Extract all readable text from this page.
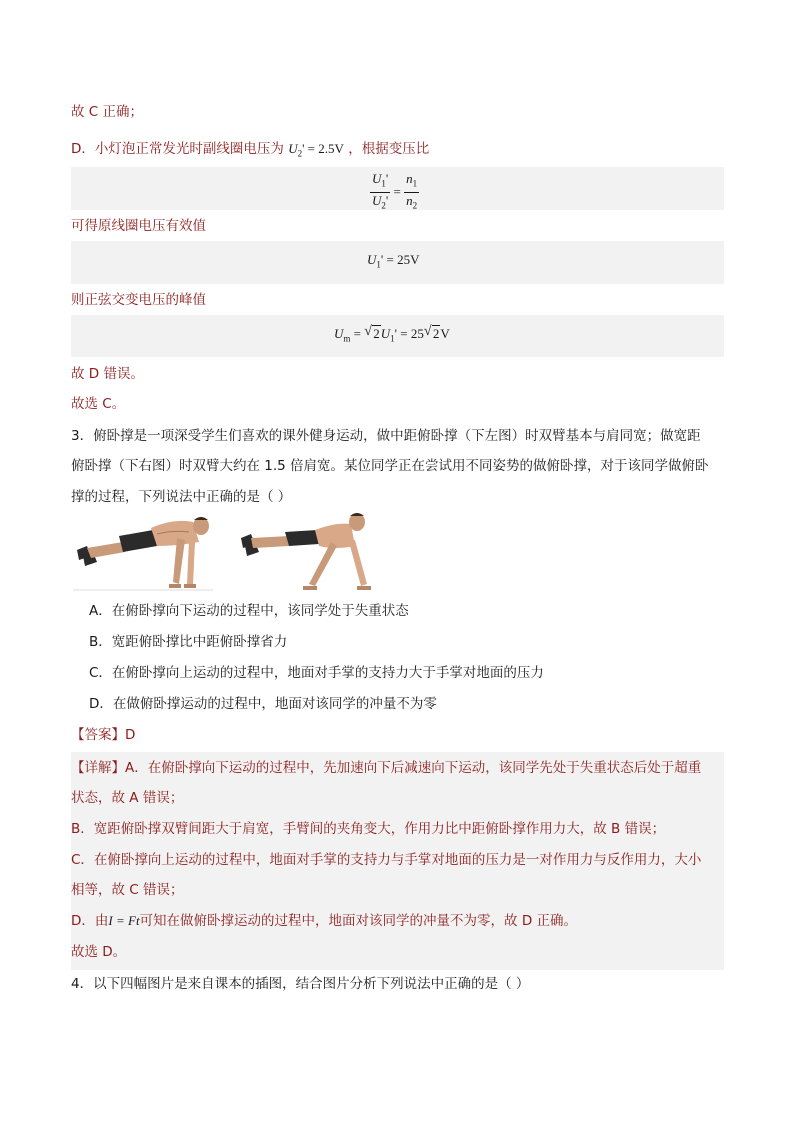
故 C 正确；
D．小灯泡正常发光时副线圈电压为 $U_2' = 2.5V$ ，根据变压比
$\frac{U_1'}{U_2'} = \frac{n_1}{n_2}$
可得原线圈电压有效值
$U_1' = 25V$
则正弦交变电压的峰值
$U_m$ = √ $2U_1' = 25$ √ 2V
故 D 错误。
故选 C。
3．俯卧撑是一项深受学生们喜欢的课外健身运动，做中距俯卧撑（下左图）时双臂基本与肩同宽；做宽距
俯卧撑（下右图）时双臂大约在 1.5 倍肩宽。某位同学正在尝试用不同姿势的做俯卧撑，对于该同学做俯卧
撑的过程，下列说法中正确的是（ ）
A．在俯卧撑向下运动的过程中，该同学处于失重状态
B．宽距俯卧撑比中距俯卧撑省力
C．在俯卧撑向上运动的过程中，地面对手掌的支持力大于手掌对地面的压力
D．在做俯卧撑运动的过程中，地面对该同学的冲量不为零
【答案】D
【详解】A．在俯卧撑向下运动的过程中，先加速向下后减速向下运动，该同学先处于失重状态后处于超重
状态，故 A 错误；
B．宽距俯卧撑双臂间距大于肩宽，手臂间的夹角变大，作用力比中距俯卧撑作用力大，故 B 错误；
C．在俯卧撑向上运动的过程中，地面对手掌的支持力与手掌对地面的压力是一对作用力与反作用力，大小
相等，故 C 错误；
D．由I = Ft可知在做俯卧撑运动的过程中，地面对该同学的冲量不为零，故 D 正确。
故选 D。
4．以下四幅图片是来自课本的插图，结合图片分析下列说法中正确的是（ ）
